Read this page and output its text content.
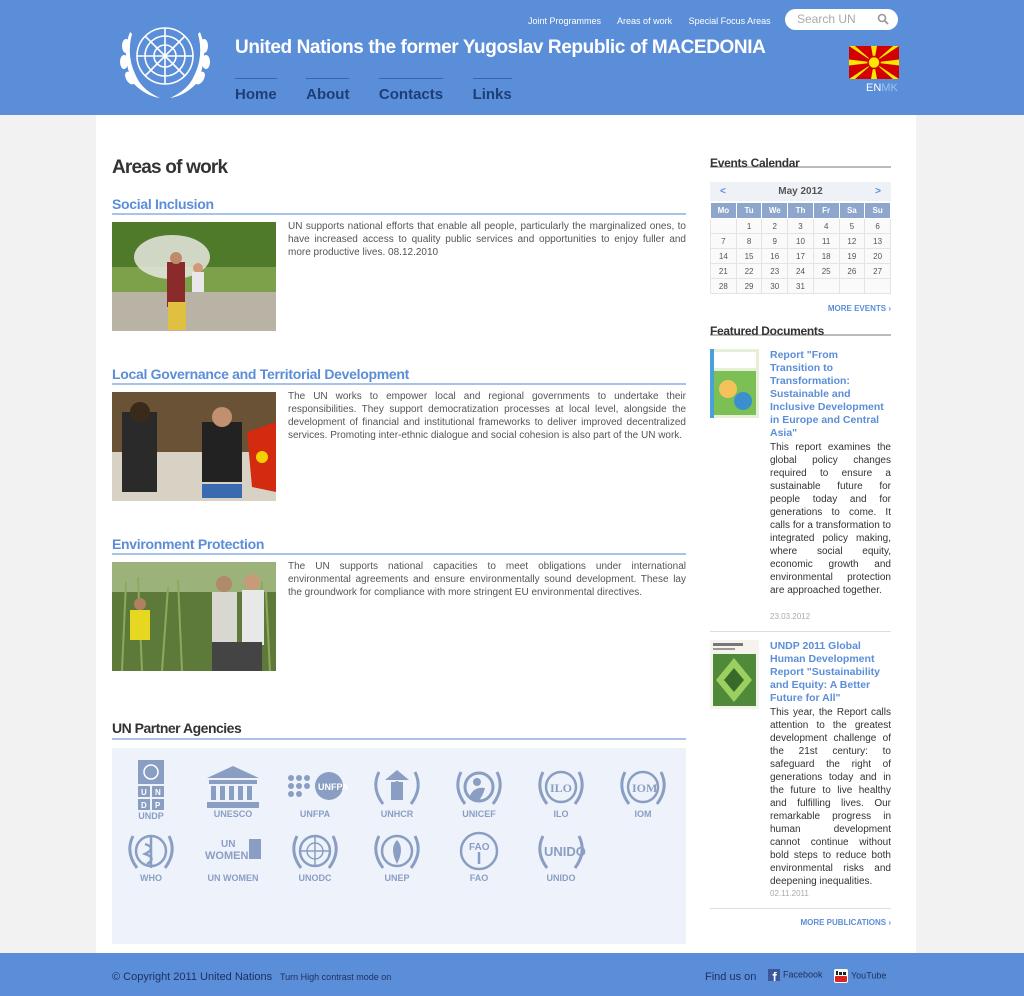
United Nations the former Yugoslav Republic of MACEDONIA
Joint Programmes Areas of work Special Focus Areas	Search UN
Home About Contacts Links	ENMK
Areas of work
Social Inclusion

UN supports national efforts that enable all people, particularly the marginalized ones, to have increased access to quality public services and opportunities to enjoy fuller and more productive lives. 08.12.2010

Local Governance and Territorial Development

The UN works to empower local and regional governments to undertake their responsibilities. They support democratization processes at local level, alongside the development of financial and institutional frameworks to deliver improved decentralized services. Promoting inter-ethnic dialogue and social cohesion is also part of the UN work.

Environment Protection

The UN supports national capacities to meet obligations under international environmental agreements and ensure environmentally sound development. These lay the groundwork for compliance with more stringent EU environmental directives.

UN Partner Agencies
U N
D P
UNDP	UNESCO
UNFPA
UNFPA	UNHCR	UNICEF
ILO
ILO
IOM
IOM
WHO
UN
WOMEN
UN WOMEN	UNODC	UNEP
FAO
FAO
UNIDO
UNIDO
Events Calendar
<	May 2012	>
Mo	Tu	We	Th	Fr	Sa	Su
	1	2	3	4	5	6
7	8	9	10	11	12	13
14	15	16	17	18	19	20
21	22	23	24	25	26	27
28	29	30	31			
MORE EVENTS ›
Featured Documents
Report "From Transition to Transformation: Sustainable and Inclusive Development in Europe and Central Asia"
This report examines the global policy changes required to ensure a sustainable future for people today and for generations to come. It calls for a transformation to integrated policy making, where social equity, economic growth and environmental protection are approached together.
23.03.2012
UNDP 2011 Global Human Development Report "Sustainability and Equity: A Better Future for All"
This year, the Report calls attention to the greatest development challenge of the 21st century: to safeguard the right of generations today and in the future to live healthy and fulfilling lives. Our remarkable progress in human development cannot continue without bold steps to reduce both environmental risks and deepening inequalities.
02.11.2011
MORE PUBLICATIONS ›
© Copyright 2011 United Nations Turn High contrast mode on	Find us on	Facebook	YouTube
